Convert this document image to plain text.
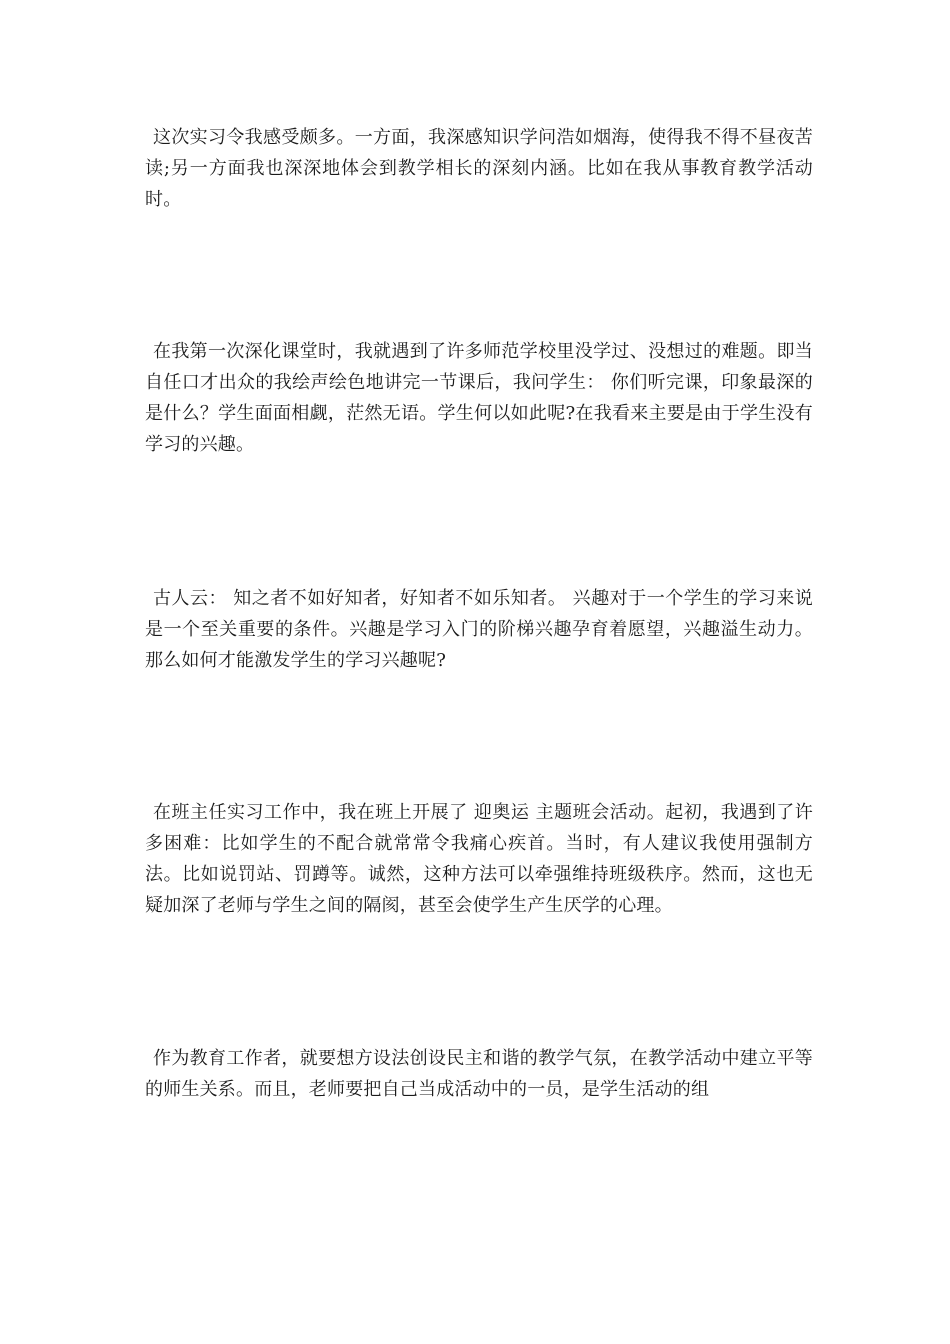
这次实习令我感受颇多。一方面，我深感知识学问浩如烟海，使得我不得不昼夜苦读;另一方面我也深深地体会到教学相长的深刻内涵。比如在我从事教育教学活动时。

在我第一次深化课堂时，我就遇到了许多师范学校里没学过、没想过的难题。即当自任口才出众的我绘声绘色地讲完一节课后，我问学生： 你们听完课，印象最深的是什么？学生面面相觑，茫然无语。学生何以如此呢?在我看来主要是由于学生没有学习的兴趣。

古人云： 知之者不如好知者，好知者不如乐知者。 兴趣对于一个学生的学习来说是一个至关重要的条件。兴趣是学习入门的阶梯兴趣孕育着愿望，兴趣溢生动力。那么如何才能激发学生的学习兴趣呢?

在班主任实习工作中，我在班上开展了 迎奥运 主题班会活动。起初，我遇到了许多困难：比如学生的不配合就常常令我痛心疾首。当时，有人建议我使用强制方法。比如说罚站、罚蹲等。诚然，这种方法可以牵强维持班级秩序。然而，这也无疑加深了老师与学生之间的隔阂，甚至会使学生产生厌学的心理。

作为教育工作者，就要想方设法创设民主和谐的教学气氛，在教学活动中建立平等的师生关系。而且，老师要把自己当成活动中的一员，是学生活动的组
